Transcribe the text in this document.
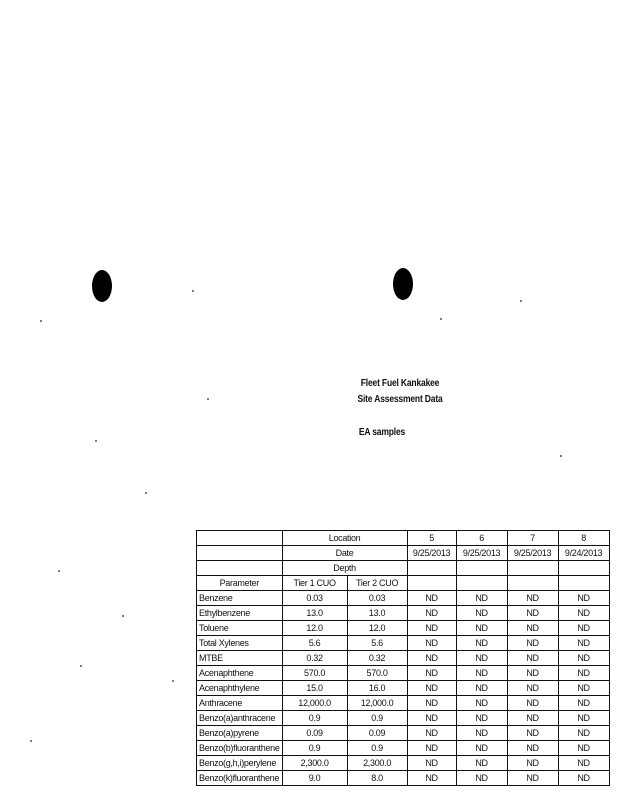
Fleet Fuel Kankakee
Site Assessment Data
EA samples
	Location		5	6	7	8
	Date		9/25/2013	9/25/2013	9/25/2013	9/24/2013
	Depth					
Parameter	Tier 1 CUO	Tier 2 CUO				
Benzene	0.03	0.03	ND	ND	ND	ND
Ethylbenzene	13.0	13.0	ND	ND	ND	ND
Toluene	12.0	12.0	ND	ND	ND	ND
Total Xylenes	5.6	5.6	ND	ND	ND	ND
MTBE	0.32	0.32	ND	ND	ND	ND
Acenaphthene	570.0	570.0	ND	ND	ND	ND
Acenaphthylene	15.0	16.0	ND	ND	ND	ND
Anthracene	12,000.0	12,000.0	ND	ND	ND	ND
Benzo(a)anthracene	0.9	0.9	ND	ND	ND	ND
Benzo(a)pyrene	0.09	0.09	ND	ND	ND	ND
Benzo(b)fluoranthene	0.9	0.9	ND	ND	ND	ND
Benzo(g,h,i)perylene	2,300.0	2,300.0	ND	ND	ND	ND
Benzo(k)fluoranthene	9.0	8.0	ND	ND	ND	ND
